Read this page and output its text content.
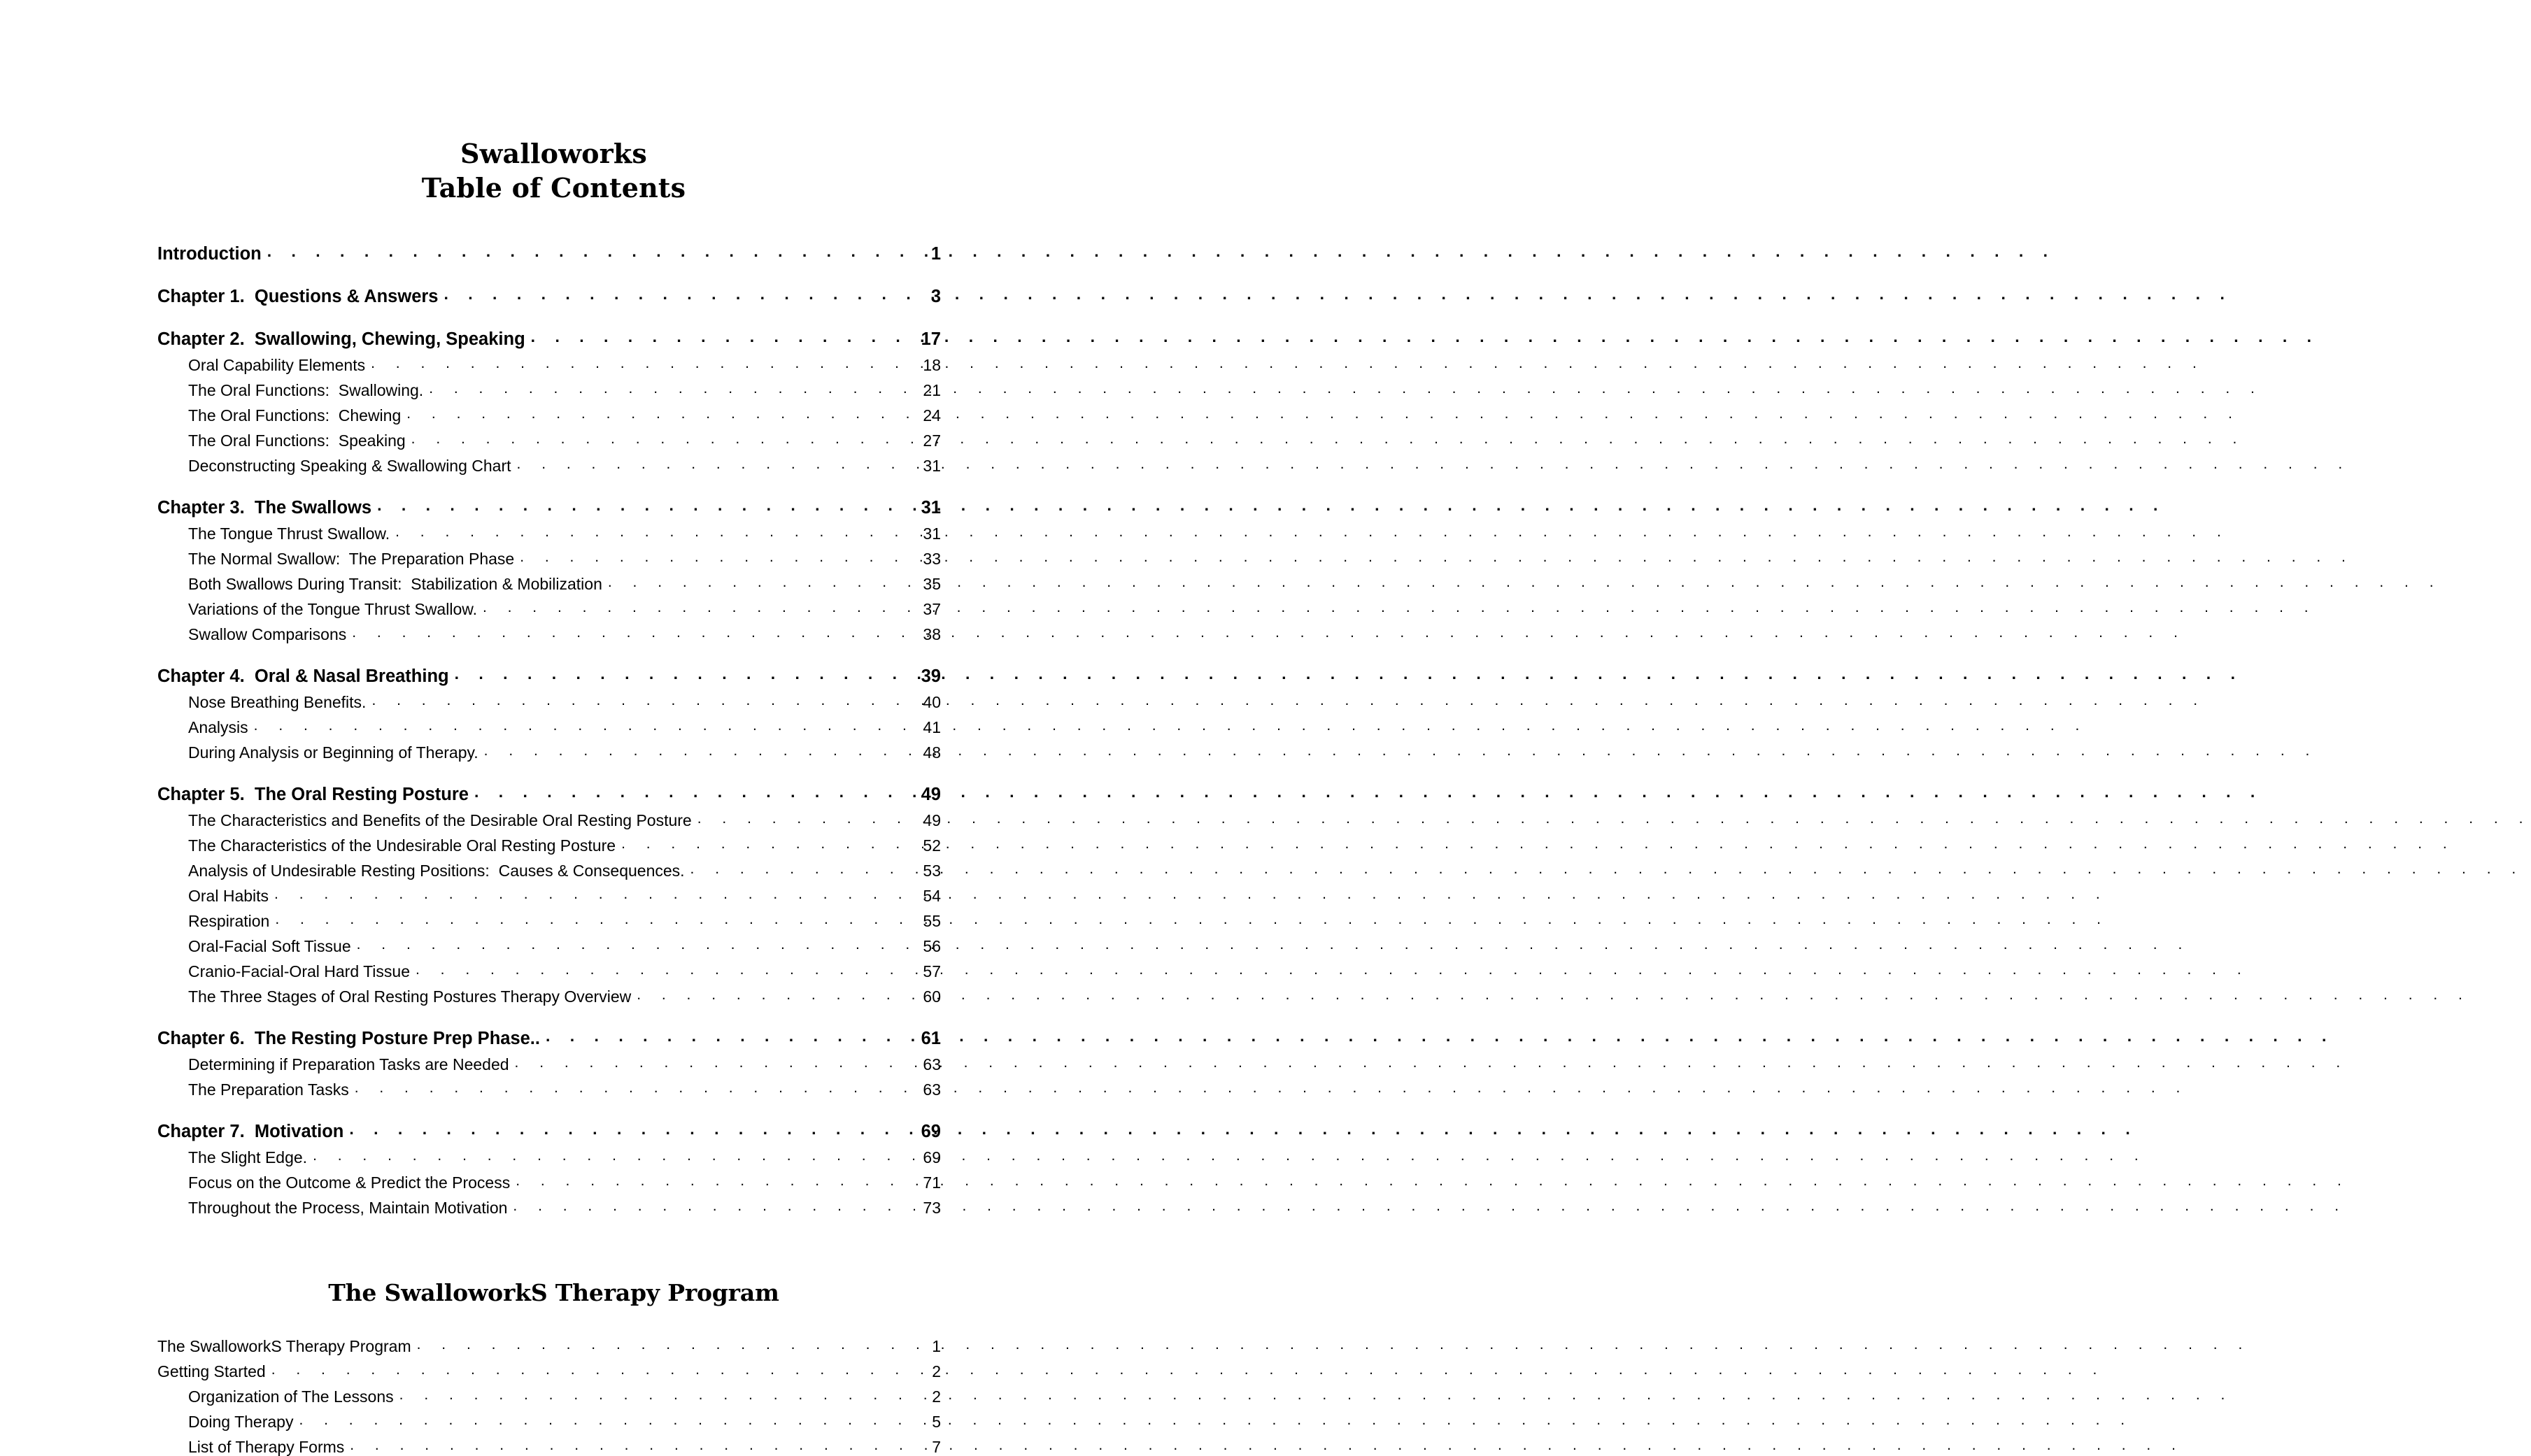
Swalloworks
Table of Contents
Introduction . . .	1
Chapter 1.  Questions & Answers . . .	3
Chapter 2.  Swallowing, Chewing, Speaking . . .	17
Oral Capability Elements . . .	18
The Oral Functions:  Swallowing. . . .	21
The Oral Functions:  Chewing . . .	24
The Oral Functions:  Speaking . . .	27
Deconstructing Speaking & Swallowing Chart . . .	31
Chapter 3.  The Swallows . . .	31
The Tongue Thrust Swallow. . . .	31
The Normal Swallow:  The Preparation Phase . . .	33
Both Swallows During Transit:  Stabilization & Mobilization . . .	35
Variations of the Tongue Thrust Swallow. . . .	37
Swallow Comparisons . . .	38
Chapter 4.  Oral & Nasal Breathing . . .	39
Nose Breathing Benefits. . . .	40
Analysis . . .	41
During Analysis or Beginning of Therapy. . . .	48
Chapter 5.  The Oral Resting Posture . . .	49
The Characteristics and Benefits of the Desirable Oral Resting Posture . . .	49
The Characteristics of the Undesirable Oral Resting Posture . . .	52
Analysis of Undesirable Resting Positions:  Causes & Consequences. . . .	53
Oral Habits . . .	54
Respiration . . .	55
Oral-Facial Soft Tissue . . .	56
Cranio-Facial-Oral Hard Tissue . . .	57
The Three Stages of Oral Resting Postures Therapy Overview . . .	60
Chapter 6.  The Resting Posture Prep Phase.. . . .	61
Determining if Preparation Tasks are Needed . . .	63
The Preparation Tasks . . .	63
Chapter 7.  Motivation . . .	69
The Slight Edge. . . .	69
Focus on the Outcome & Predict the Process . . .	71
Throughout the Process, Maintain Motivation . . .	73
The SwalloworkS Therapy Program
The SwalloworkS Therapy Program . . .	1
Getting Started . . .	2
Organization of The Lessons . . .	2
Doing Therapy . . .	5
List of Therapy Forms . . .	7
